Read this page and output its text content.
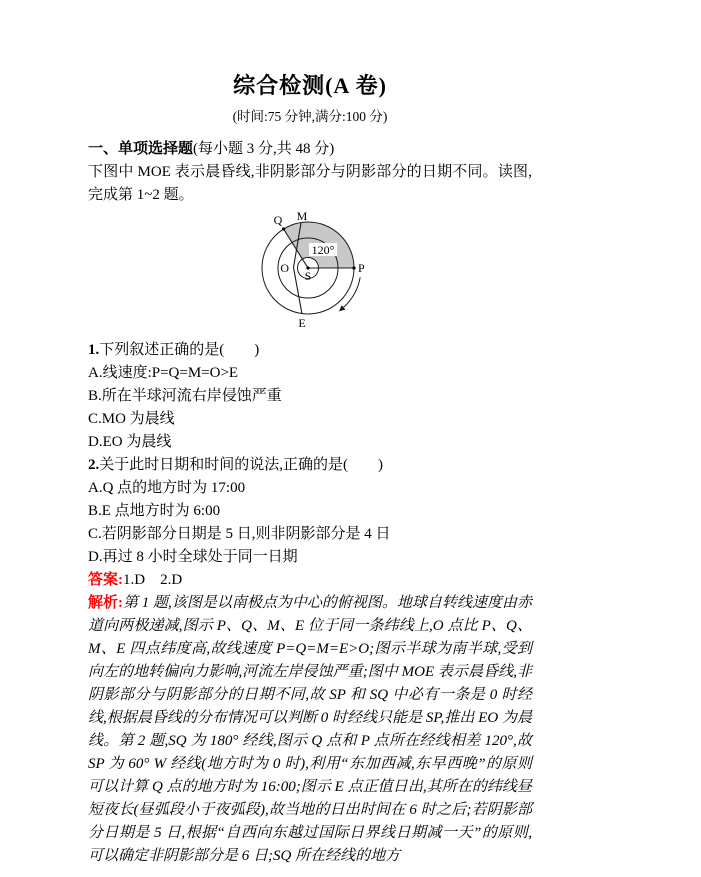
综合检测(A 卷)
(时间:75 分钟,满分:100 分)
一、单项选择题(每小题 3 分,共 48 分)
下图中 MOE 表示晨昏线,非阴影部分与阴影部分的日期不同。读图,完成第 1~2 题。
120°
M
Q
O
S
P
E
1.下列叙述正确的是(　　)
A.线速度:P=Q=M=O>E
B.所在半球河流右岸侵蚀严重
C.MO 为晨线
D.EO 为晨线
2.关于此时日期和时间的说法,正确的是(　　)
A.Q 点的地方时为 17:00
B.E 点地方时为 6:00
C.若阴影部分日期是 5 日,则非阴影部分是 4 日
D.再过 8 小时全球处于同一日期
答案:1.D　2.D
解析:第 1 题,该图是以南极点为中心的俯视图。地球自转线速度由赤道向两极递减,图示 P、Q、M、E 位于同一条纬线上,O 点比 P、Q、M、E 四点纬度高,故线速度 P=Q=M=E>O;图示半球为南半球,受到向左的地转偏向力影响,河流左岸侵蚀严重;图中 MOE 表示晨昏线,非阴影部分与阴影部分的日期不同,故 SP 和 SQ 中必有一条是 0 时经线,根据晨昏线的分布情况可以判断 0 时经线只能是 SP,推出 EO 为晨线。第 2 题,SQ 为 180° 经线,图示 Q 点和 P 点所在经线相差 120°,故 SP 为 60° W 经线(地方时为 0 时),利用“东加西减,东早西晚”的原则可以计算 Q 点的地方时为 16:00;图示 E 点正值日出,其所在的纬线昼短夜长(昼弧段小于夜弧段),故当地的日出时间在 6 时之后;若阴影部分日期是 5 日,根据“自西向东越过国际日界线日期减一天”的原则,可以确定非阴影部分是 6 日;SQ 所在经线的地方
